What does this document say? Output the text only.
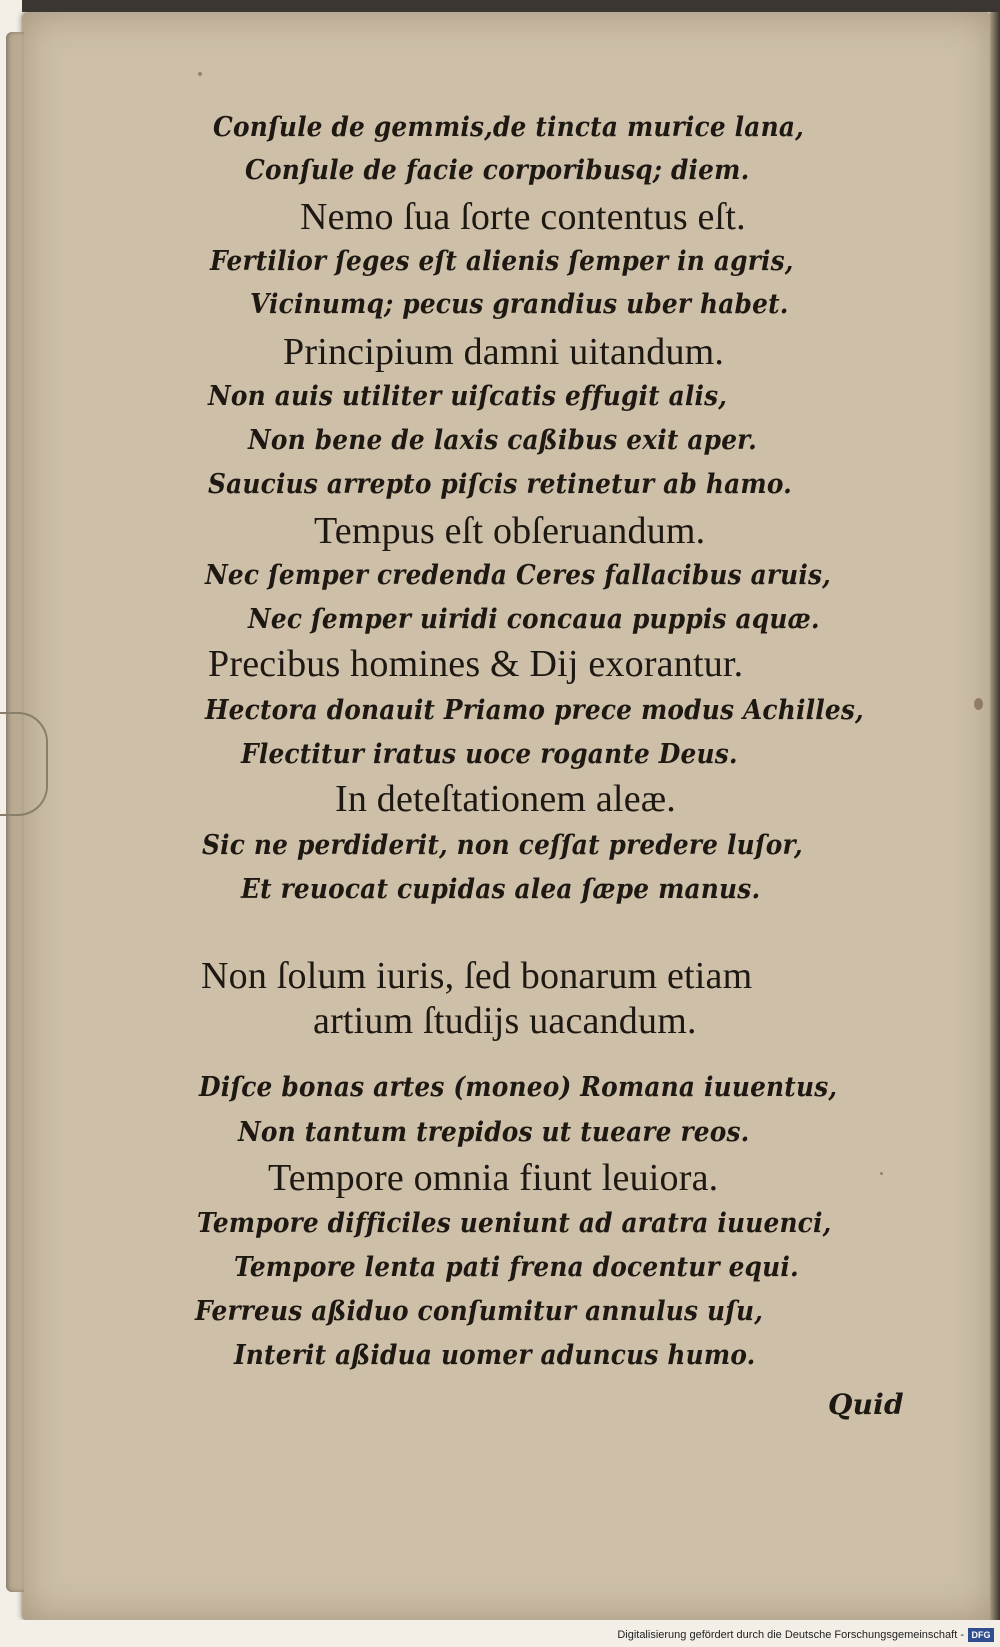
Conſule de gemmis,de tincta murice lana,
Conſule de facie corporibusq; diem.
Nemo ſua ſorte contentus eſt.
Fertilior ſeges eſt alienis ſemper in agris,
Vicinumq; pecus grandius uber habet.
Principium damni uitandum.
Non auis utiliter uiſcatis effugit alis,
Non bene de laxis caßibus exit aper.
Saucius arrepto piſcis retinetur ab hamo.
Tempus eſt obſeruandum.
Nec ſemper credenda Ceres fallacibus aruis,
Nec ſemper uiridi concaua puppis aquæ.
Precibus homines & Dij exorantur.
Hectora donauit Priamo prece modus Achilles,
Flectitur iratus uoce rogante Deus.
In deteſtationem aleæ.
Sic ne perdiderit, non ceſſat predere luſor,
Et reuocat cupidas alea ſæpe manus.
Non ſolum iuris, ſed bonarum etiam
artium ſtudijs uacandum.
Diſce bonas artes (moneo) Romana iuuentus,
Non tantum trepidos ut tueare reos.
Tempore omnia fiunt leuiora.
Tempore difficiles ueniunt ad aratra iuuenci,
Tempore lenta pati frena docentur equi.
Ferreus aßiduo conſumitur annulus uſu,
Interit aßidua uomer aduncus humo.
Quid
Digitalisierung gefördert durch die Deutsche Forschungsgemeinschaft - DFG
